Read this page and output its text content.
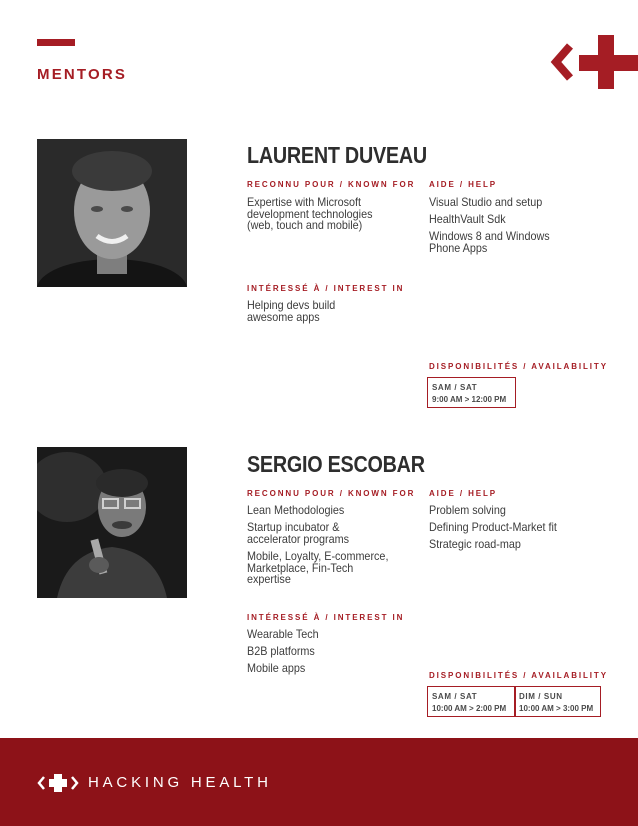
MENTORS
LAURENT DUVEAU
RECONNU POUR / KNOWN FOR
Expertise with Microsoft development technologies (web, touch and mobile)
AIDE / HELP
Visual Studio and setup
HealthVault Sdk
Windows 8 and Windows Phone Apps
INTÉRESSÉ À / INTEREST IN
Helping devs build awesome apps
DISPONIBILITÉS / AVAILABILITY
SAM / SAT
9:00 AM > 12:00 PM
SERGIO ESCOBAR
RECONNU POUR / KNOWN FOR
Lean Methodologies
Startup incubator & accelerator programs
Mobile, Loyalty, E-commerce, Marketplace, Fin-Tech expertise
AIDE / HELP
Problem solving
Defining Product-Market fit
Strategic road-map
INTÉRESSÉ À / INTEREST IN
Wearable Tech
B2B platforms
Mobile apps
DISPONIBILITÉS / AVAILABILITY
SAM / SAT
10:00 AM > 2:00 PM
DIM / SUN
10:00 AM > 3:00 PM
HACKING HEALTH
